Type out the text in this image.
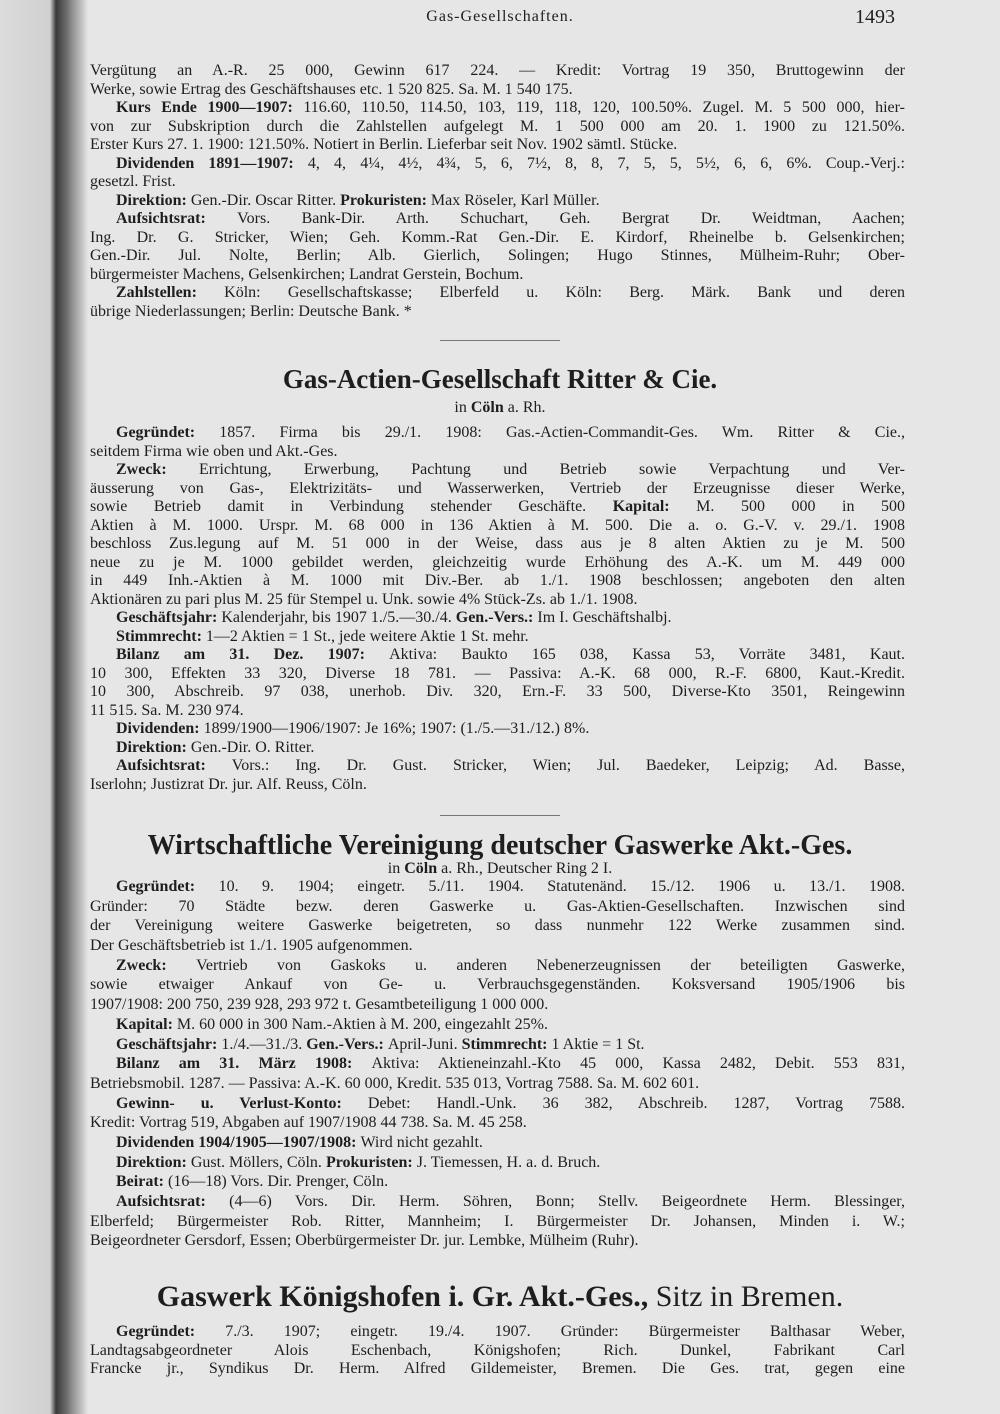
Gas-Gesellschaften.	1493
Vergütung an A.-R. 25 000, Gewinn 617 224. — Kredit: Vortrag 19 350, Bruttogewinn der
Werke, sowie Ertrag des Geschäftshauses etc. 1 520 825. Sa. M. 1 540 175.
Kurs Ende 1900—1907: 116.60, 110.50, 114.50, 103, 119, 118, 120, 100.50%. Zugel. M. 5 500 000, hier-
von zur Subskription durch die Zahlstellen aufgelegt M. 1 500 000 am 20. 1. 1900 zu 121.50%.
Erster Kurs 27. 1. 1900: 121.50%. Notiert in Berlin. Lieferbar seit Nov. 1902 sämtl. Stücke.
Dividenden 1891—1907: 4, 4, 4¼, 4½, 4¾, 5, 6, 7½, 8, 8, 7, 5, 5, 5½, 6, 6, 6%. Coup.-Verj.:
gesetzl. Frist.
Direktion: Gen.-Dir. Oscar Ritter. Prokuristen: Max Röseler, Karl Müller.
Aufsichtsrat: Vors. Bank-Dir. Arth. Schuchart, Geh. Bergrat Dr. Weidtman, Aachen;
Ing. Dr. G. Stricker, Wien; Geh. Komm.-Rat Gen.-Dir. E. Kirdorf, Rheinelbe b. Gelsenkirchen;
Gen.-Dir. Jul. Nolte, Berlin; Alb. Gierlich, Solingen; Hugo Stinnes, Mülheim-Ruhr; Ober-
bürgermeister Machens, Gelsenkirchen; Landrat Gerstein, Bochum.
Zahlstellen: Köln: Gesellschaftskasse; Elberfeld u. Köln: Berg. Märk. Bank und deren
übrige Niederlassungen; Berlin: Deutsche Bank. *
Gas-Actien-Gesellschaft Ritter & Cie.
in Cöln a. Rh.
Gegründet: 1857. Firma bis 29./1. 1908: Gas.-Actien-Commandit-Ges. Wm. Ritter & Cie.,
seitdem Firma wie oben und Akt.-Ges.
Zweck: Errichtung, Erwerbung, Pachtung und Betrieb sowie Verpachtung und Ver-
äusserung von Gas-, Elektrizitäts- und Wasserwerken, Vertrieb der Erzeugnisse dieser Werke,
sowie Betrieb damit in Verbindung stehender Geschäfte. Kapital: M. 500 000 in 500
Aktien à M. 1000. Urspr. M. 68 000 in 136 Aktien à M. 500. Die a. o. G.-V. v. 29./1. 1908
beschloss Zus.legung auf M. 51 000 in der Weise, dass aus je 8 alten Aktien zu je M. 500
neue zu je M. 1000 gebildet werden, gleichzeitig wurde Erhöhung des A.-K. um M. 449 000
in 449 Inh.-Aktien à M. 1000 mit Div.-Ber. ab 1./1. 1908 beschlossen; angeboten den alten
Aktionären zu pari plus M. 25 für Stempel u. Unk. sowie 4% Stück-Zs. ab 1./1. 1908.
Geschäftsjahr: Kalenderjahr, bis 1907 1./5.—30./4. Gen.-Vers.: Im I. Geschäftshalbj.
Stimmrecht: 1—2 Aktien = 1 St., jede weitere Aktie 1 St. mehr.
Bilanz am 31. Dez. 1907: Aktiva: Baukto 165 038, Kassa 53, Vorräte 3481, Kaut.
10 300, Effekten 33 320, Diverse 18 781. — Passiva: A.-K. 68 000, R.-F. 6800, Kaut.-Kredit.
10 300, Abschreib. 97 038, unerhob. Div. 320, Ern.-F. 33 500, Diverse-Kto 3501, Reingewinn
11 515. Sa. M. 230 974.
Dividenden: 1899/1900—1906/1907: Je 16%; 1907: (1./5.—31./12.) 8%.
Direktion: Gen.-Dir. O. Ritter.
Aufsichtsrat: Vors.: Ing. Dr. Gust. Stricker, Wien; Jul. Baedeker, Leipzig; Ad. Basse,
Iserlohn; Justizrat Dr. jur. Alf. Reuss, Cöln.
Wirtschaftliche Vereinigung deutscher Gaswerke Akt.-Ges.
in Cöln a. Rh., Deutscher Ring 2 I.
Gegründet: 10. 9. 1904; eingetr. 5./11. 1904. Statutenänd. 15./12. 1906 u. 13./1. 1908.
Gründer: 70 Städte bezw. deren Gaswerke u. Gas-Aktien-Gesellschaften. Inzwischen sind
der Vereinigung weitere Gaswerke beigetreten, so dass nunmehr 122 Werke zusammen sind.
Der Geschäftsbetrieb ist 1./1. 1905 aufgenommen.
Zweck: Vertrieb von Gaskoks u. anderen Nebenerzeugnissen der beteiligten Gaswerke,
sowie etwaiger Ankauf von Ge- u. Verbrauchsgegenständen. Koksversand 1905/1906 bis
1907/1908: 200 750, 239 928, 293 972 t. Gesamtbeteiligung 1 000 000.
Kapital: M. 60 000 in 300 Nam.-Aktien à M. 200, eingezahlt 25%.
Geschäftsjahr: 1./4.—31./3. Gen.-Vers.: April-Juni. Stimmrecht: 1 Aktie = 1 St.
Bilanz am 31. März 1908: Aktiva: Aktieneinzahl.-Kto 45 000, Kassa 2482, Debit. 553 831,
Betriebsmobil. 1287. — Passiva: A.-K. 60 000, Kredit. 535 013, Vortrag 7588. Sa. M. 602 601.
Gewinn- u. Verlust-Konto: Debet: Handl.-Unk. 36 382, Abschreib. 1287, Vortrag 7588.
Kredit: Vortrag 519, Abgaben auf 1907/1908 44 738. Sa. M. 45 258.
Dividenden 1904/1905—1907/1908: Wird nicht gezahlt.
Direktion: Gust. Möllers, Cöln. Prokuristen: J. Tiemessen, H. a. d. Bruch.
Beirat: (16—18) Vors. Dir. Prenger, Cöln.
Aufsichtsrat: (4—6) Vors. Dir. Herm. Söhren, Bonn; Stellv. Beigeordnete Herm. Blessinger,
Elberfeld; Bürgermeister Rob. Ritter, Mannheim; I. Bürgermeister Dr. Johansen, Minden i. W.;
Beigeordneter Gersdorf, Essen; Oberbürgermeister Dr. jur. Lembke, Mülheim (Ruhr).
Gaswerk Königshofen i. Gr. Akt.-Ges., Sitz in Bremen.
Gegründet: 7./3. 1907; eingetr. 19./4. 1907. Gründer: Bürgermeister Balthasar Weber,
Landtagsabgeordneter Alois Eschenbach, Königshofen; Rich. Dunkel, Fabrikant Carl
Francke jr., Syndikus Dr. Herm. Alfred Gildemeister, Bremen. Die Ges. trat, gegen eine
